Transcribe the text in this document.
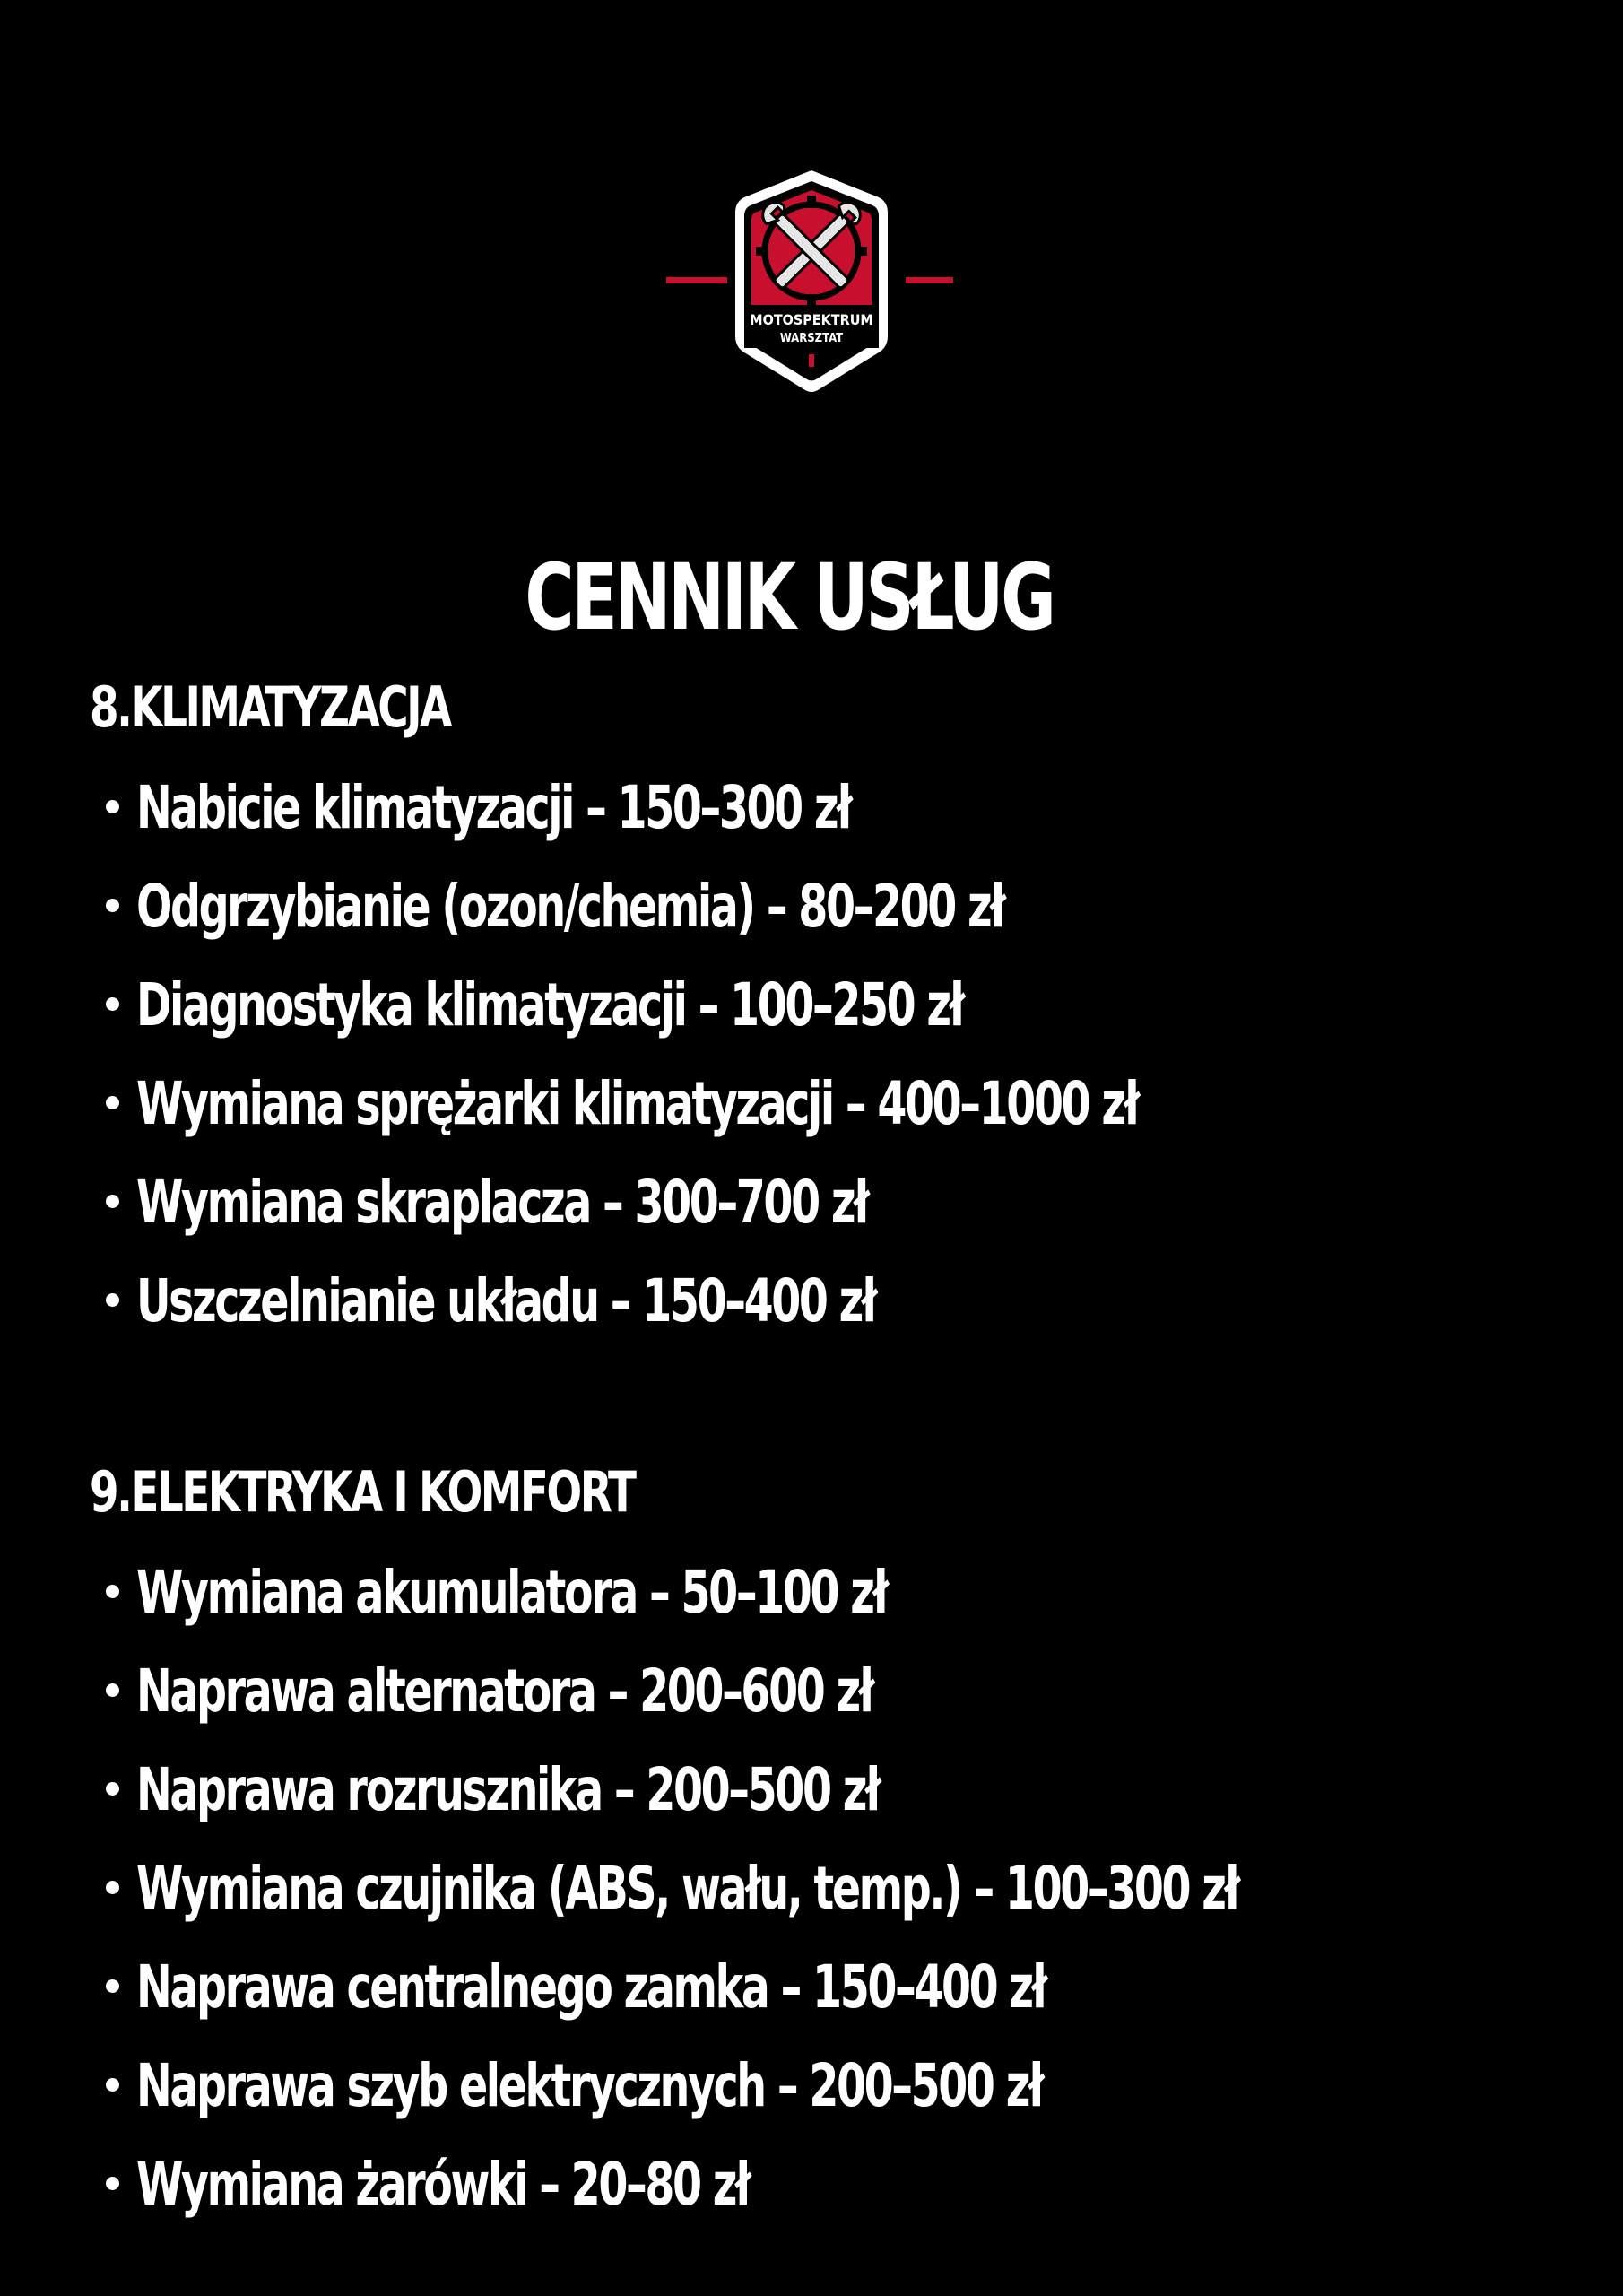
MOTOSPEKTRUM
WARSZTAT
CENNIK USŁUG
8.KLIMATYZACJA
Nabicie klimatyzacji – 150–300 zł
Odgrzybianie (ozon/chemia) – 80–200 zł
Diagnostyka klimatyzacji – 100–250 zł
Wymiana sprężarki klimatyzacji – 400–1000 zł
Wymiana skraplacza – 300–700 zł
Uszczelnianie układu – 150–400 zł
9.ELEKTRYKA I KOMFORT
Wymiana akumulatora – 50–100 zł
Naprawa alternatora – 200–600 zł
Naprawa rozrusznika – 200–500 zł
Wymiana czujnika (ABS, wału, temp.) – 100–300 zł
Naprawa centralnego zamka – 150–400 zł
Naprawa szyb elektrycznych – 200–500 zł
Wymiana żarówki – 20–80 zł
